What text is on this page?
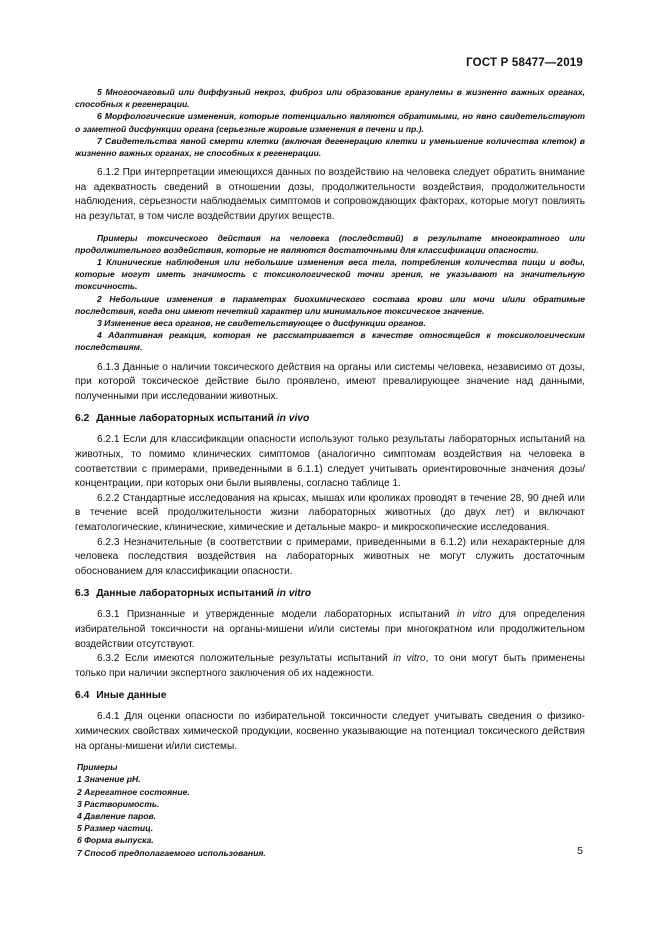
ГОСТ Р 58477—2019

5 Многоочаговый или диффузный некроз, фиброз или образование гранулемы в жизненно важных органах, способных к регенерации.

6 Морфологические изменения, которые потенциально являются обратимыми, но явно свидетельствуют о заметной дисфункции органа (серьезные жировые изменения в печени и пр.).

7 Свидетельства явной смерти клетки (включая дегенерацию клетки и уменьшение количества клеток) в жизненно важных органах, не способных к регенерации.

6.1.2 При интерпретации имеющихся данных по воздействию на человека следует обратить внимание на адекватность сведений в отношении дозы, продолжительности воздействия, продолжительности наблюдения, серьезности наблюдаемых симптомов и сопровождающих факторах, которые могут повлиять на результат, в том числе воздействии других веществ.

Примеры токсического действия на человека (последствий) в результате многократного или продолжительного воздействия, которые не являются достаточными для классификации опасности.

1 Клинические наблюдения или небольшие изменения веса тела, потребления количества пищи и воды, которые могут иметь значимость с токсикологической точки зрения, не указывают на значительную токсичность.

2 Небольшие изменения в параметрах биохимического состава крови или мочи и/или обратимые последствия, когда они имеют нечеткий характер или минимальное токсическое значение.

3 Изменение веса органов, не свидетельствующее о дисфункции органов.

4 Адаптивная реакция, которая не рассматривается в качестве относящейся к токсикологическим последствиям.

6.1.3 Данные о наличии токсического действия на органы или системы человека, независимо от дозы, при которой токсическое действие было проявлено, имеют превалирующее значение над данными, полученными при исследовании животных.

6.2 Данные лабораторных испытаний in vivo

6.2.1 Если для классификации опасности используют только результаты лабораторных испытаний на животных, то помимо клинических симптомов (аналогично симптомам воздействия на человека в соответствии с примерами, приведенными в 6.1.1) следует учитывать ориентировочные значения дозы/концентрации, при которых они были выявлены, согласно таблице 1.

6.2.2 Стандартные исследования на крысах, мышах или кроликах проводят в течение 28, 90 дней или в течение всей продолжительности жизни лабораторных животных (до двух лет) и включают гематологические, клинические, химические и детальные макро- и микроскопические исследования.

6.2.3 Незначительные (в соответствии с примерами, приведенными в 6.1.2) или нехарактерные для человека последствия воздействия на лабораторных животных не могут служить достаточным обоснованием для классификации опасности.

6.3 Данные лабораторных испытаний in vitro

6.3.1 Признанные и утвержденные модели лабораторных испытаний in vitro для определения избирательной токсичности на органы-мишени и/или системы при многократном или продолжительном воздействии отсутствуют.

6.3.2 Если имеются положительные результаты испытаний in vitro, то они могут быть применены только при наличии экспертного заключения об их надежности.

6.4 Иные данные

6.4.1 Для оценки опасности по избирательной токсичности следует учитывать сведения о физико-химических свойствах химической продукции, косвенно указывающие на потенциал токсического действия на органы-мишени и/или системы.

Примеры

1 Значение pH.
2 Агрегатное состояние.
3 Растворимость.
4 Давление паров.
5 Размер частиц.
6 Форма выпуска.
7 Способ предполагаемого использования.	5
